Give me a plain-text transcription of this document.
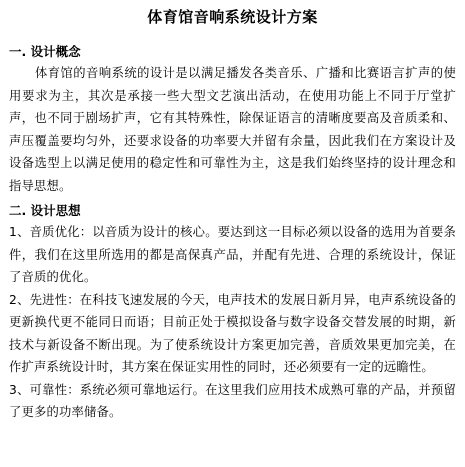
体育馆音响系统设计方案
一. 设计概念

体育馆的音响系统的设计是以满足播发各类音乐、广播和比赛语言扩声的使用要求为主，其次是承接一些大型文艺演出活动，在使用功能上不同于厅堂扩声，也不同于剧场扩声，它有其特殊性，除保证语言的清晰度要高及音质柔和、声压覆盖要均匀外，还要求设备的功率要大并留有余量，因此我们在方案设计及设备选型上以满足使用的稳定性和可靠性为主，这是我们始终坚持的设计理念和指导思想。

二. 设计思想

1、音质优化：以音质为设计的核心。要达到这一目标必须以设备的选用为首要条件，我们在这里所选用的都是高保真产品，并配有先进、合理的系统设计，保证了音质的优化。

2、先进性：在科技飞速发展的今天，电声技术的发展日新月异，电声系统设备的更新换代更不能同日而语；目前正处于模拟设备与数字设备交替发展的时期，新技术与新设备不断出现。为了使系统设计方案更加完善，音质效果更加完美，在作扩声系统设计时，其方案在保证实用性的同时，还必须要有一定的远瞻性。

3、可靠性：系统必须可靠地运行。在这里我们应用技术成熟可靠的产品，并预留了更多的功率储备。
